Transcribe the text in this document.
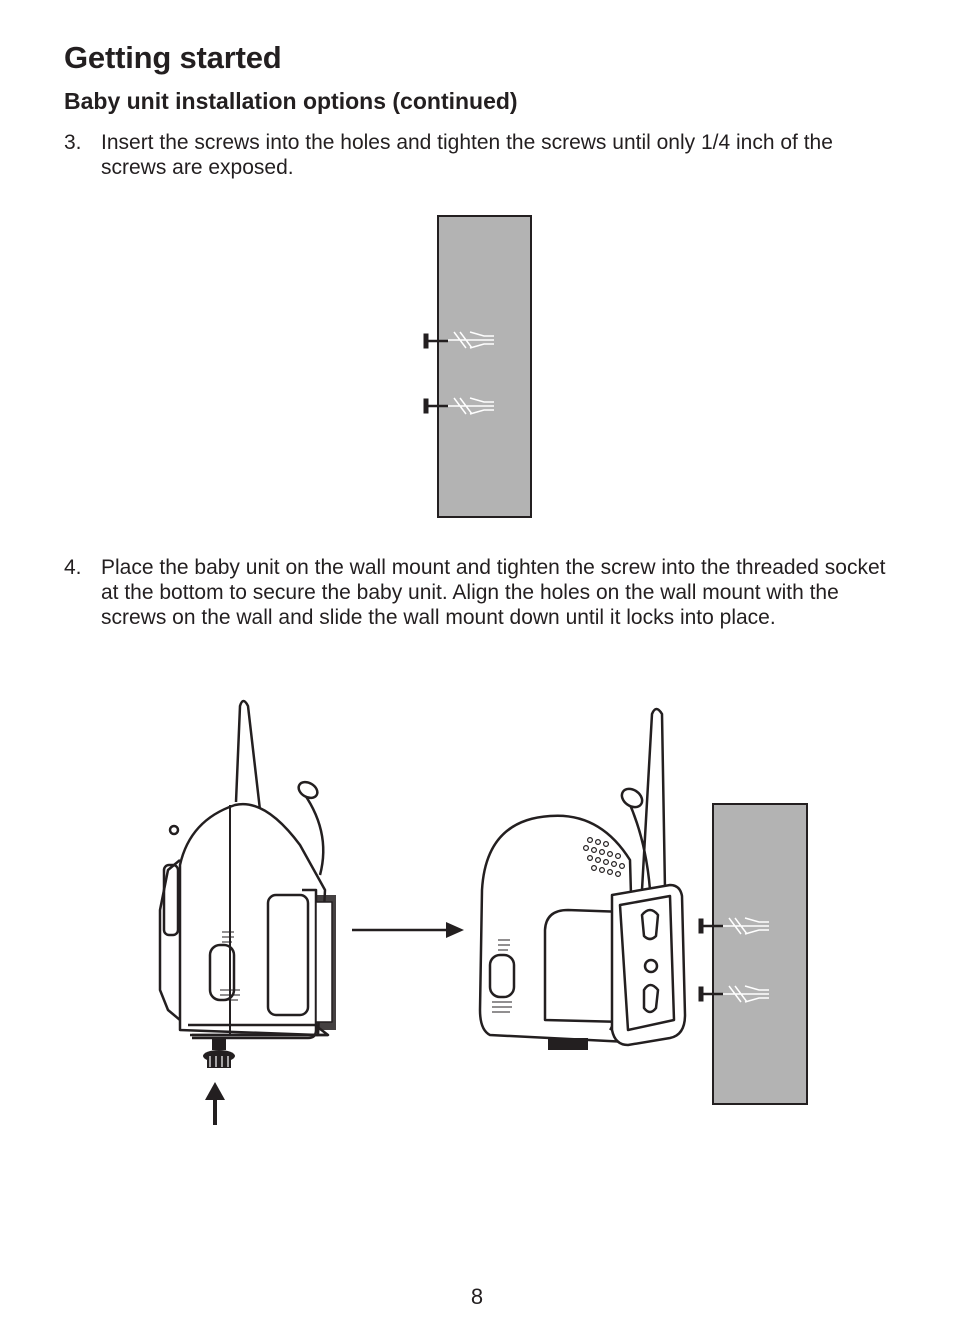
Getting started
Baby unit installation options (continued)
3. Insert the screws into the holes and tighten the screws until only 1/4 inch of the screws are exposed.
4. Place the baby unit on the wall mount and tighten the screw into the threaded socket at the bottom to secure the baby unit. Align the holes on the wall mount with the screws on the wall and slide the wall mount down until it locks into place.
8
